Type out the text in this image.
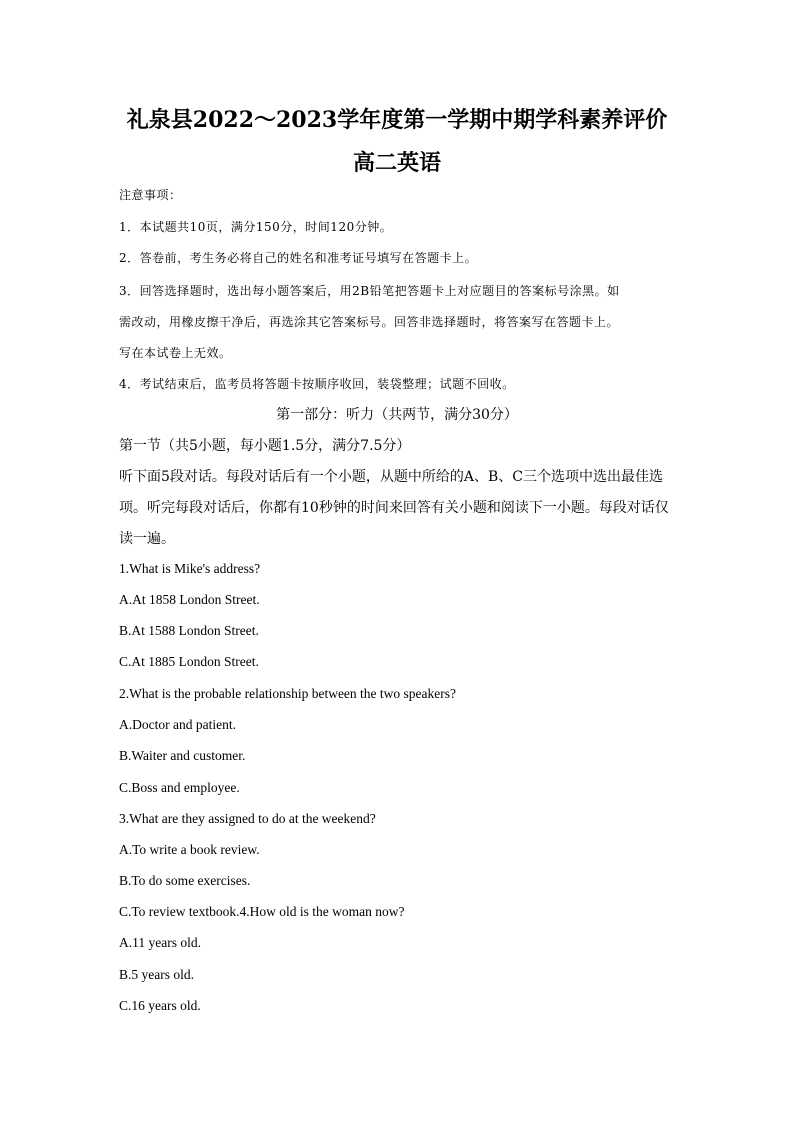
礼泉县2022～2023学年度第一学期中期学科素养评价
高二英语
注意事项：
1．本试题共10页，满分150分，时间120分钟。
2．答卷前，考生务必将自己的姓名和准考证号填写在答题卡上。
3．回答选择题时，选出每小题答案后，用2B铅笔把答题卡上对应题目的答案标号涂黑。如
需改动，用橡皮擦干净后，再选涂其它答案标号。回答非选择题时，将答案写在答题卡上。
写在本试卷上无效。
4．考试结束后，监考员将答题卡按顺序收回，装袋整理；试题不回收。
第一部分：听力（共两节，满分30分）
第一节（共5小题，每小题1.5分，满分7.5分）
听下面5段对话。每段对话后有一个小题，从题中所给的A、B、C三个选项中选出最佳选
项。听完每段对话后，你都有10秒钟的时间来回答有关小题和阅读下一小题。每段对话仅
读一遍。
1.What is Mike's address?
A.At 1858 London Street.
B.At 1588 London Street.
C.At 1885 London Street.
2.What is the probable relationship between the two speakers?
A.Doctor and patient.
B.Waiter and customer.
C.Boss and employee.
3.What are they assigned to do at the weekend?
A.To write a book review.
B.To do some exercises.
C.To review textbook.4.How old is the woman now?
A.11 years old.
B.5 years old.
C.16 years old.
